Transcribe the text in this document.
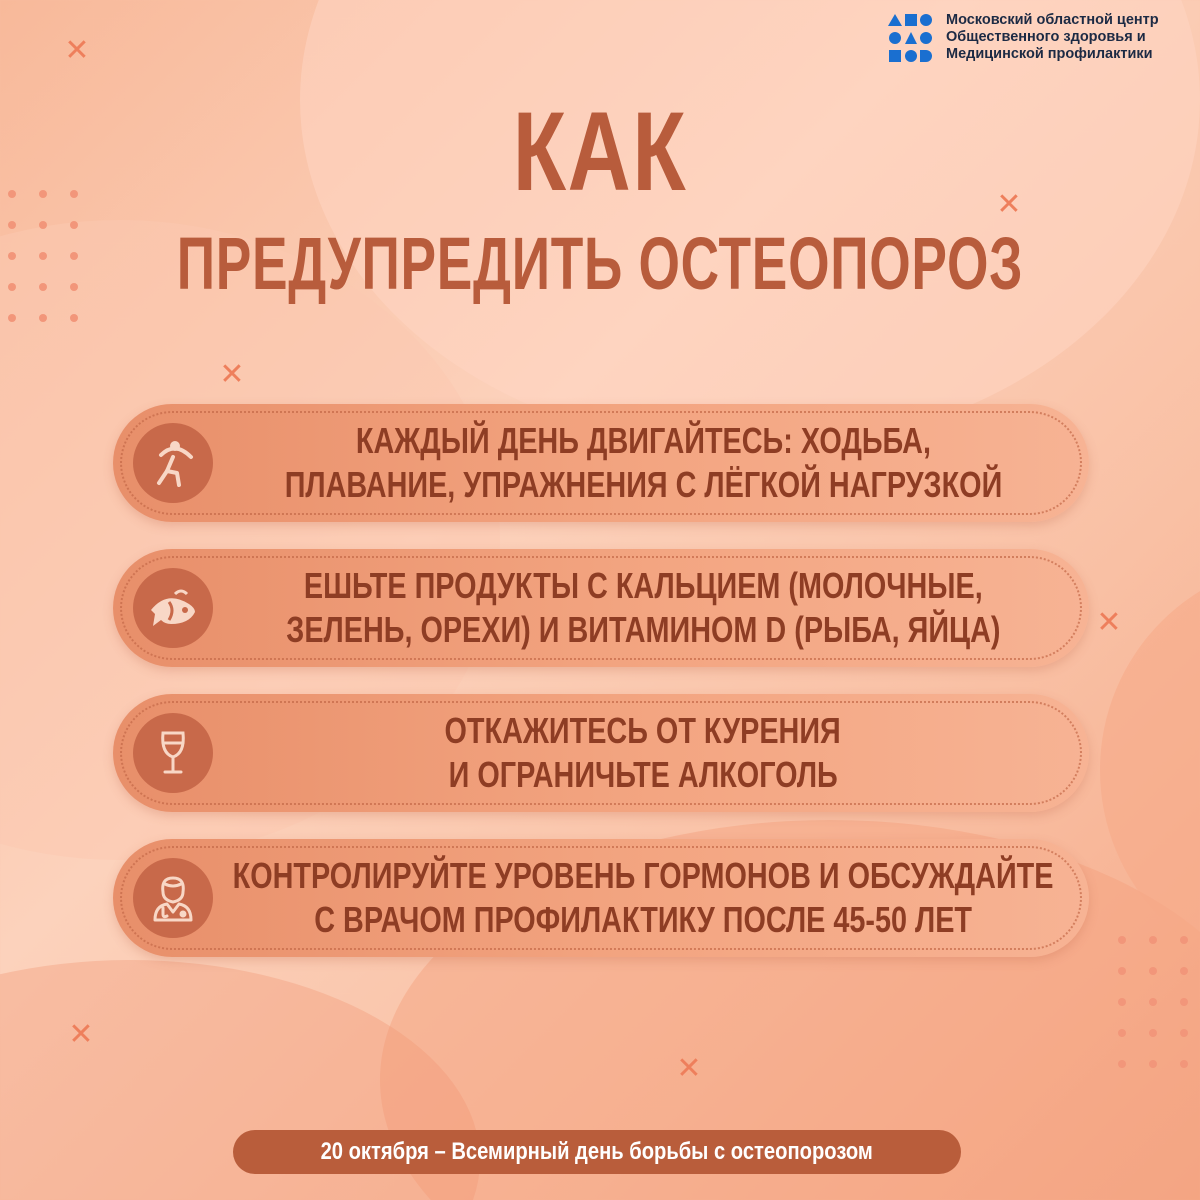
✕
✕
✕
✕
✕
✕
Московский областной центр
Общественного здоровья и
Медицинской профилактики
КАК
ПРЕДУПРЕДИТЬ ОСТЕОПОРОЗ
КАЖДЫЙ ДЕНЬ ДВИГАЙТЕСЬ: ХОДЬБА,
ПЛАВАНИЕ, УПРАЖНЕНИЯ С ЛЁГКОЙ НАГРУЗКОЙ
ЕШЬТЕ ПРОДУКТЫ С КАЛЬЦИЕМ (МОЛОЧНЫЕ,
ЗЕЛЕНЬ, ОРЕХИ) И ВИТАМИНОМ D (РЫБА, ЯЙЦА)
ОТКАЖИТЕСЬ ОТ КУРЕНИЯ
И ОГРАНИЧЬТЕ АЛКОГОЛЬ
КОНТРОЛИРУЙТЕ УРОВЕНЬ ГОРМОНОВ И ОБСУЖДАЙТЕ
С ВРАЧОМ ПРОФИЛАКТИКУ ПОСЛЕ 45-50 ЛЕТ
20 октября – Всемирный день борьбы с остеопорозом
